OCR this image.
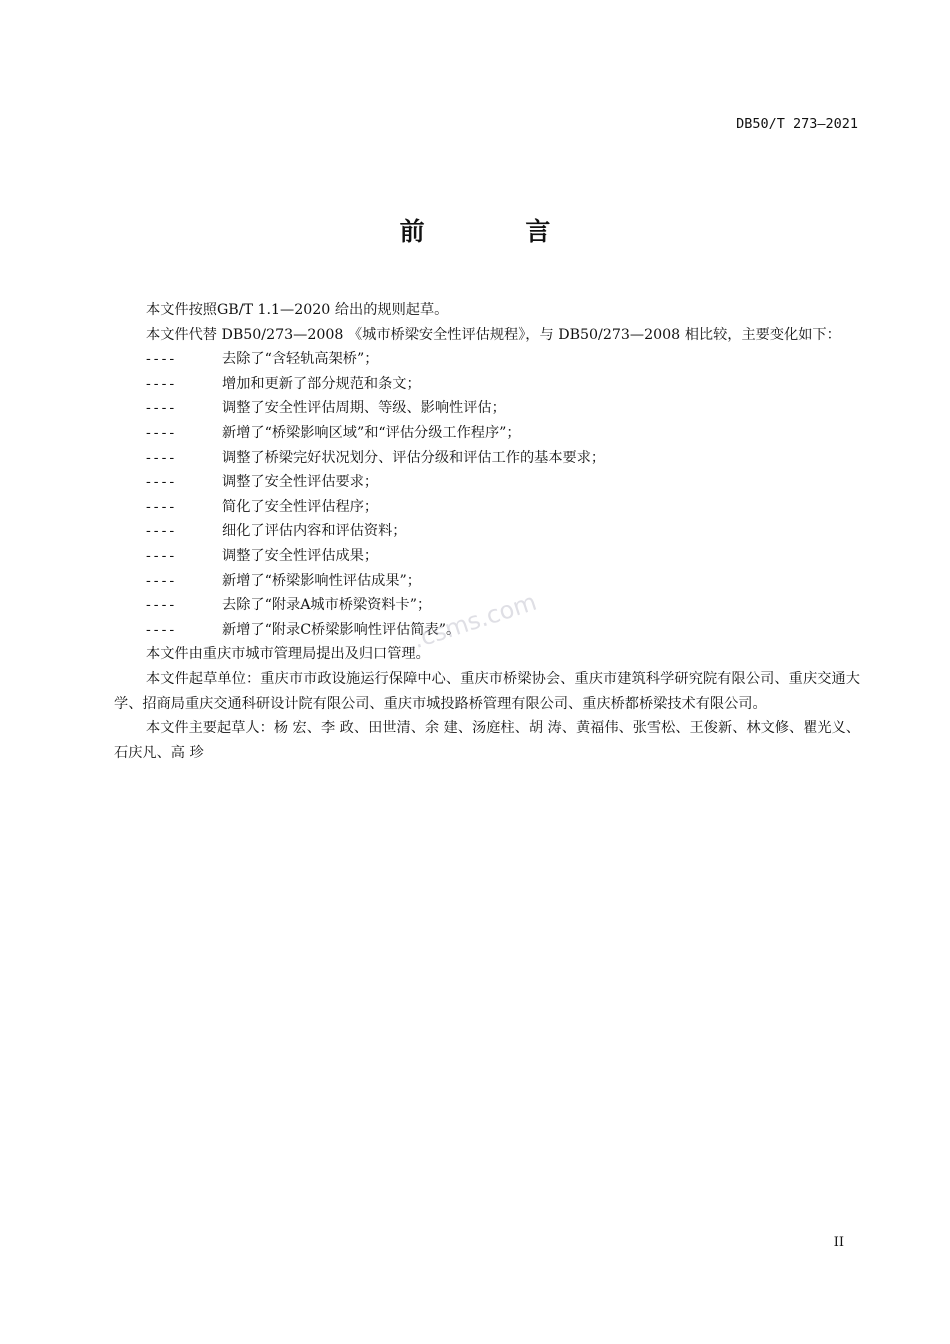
DB50/T 273—2021
前 言

本文件按照GB/T 1.1—2020 给出的规则起草。

本文件代替 DB50/273—2008 《城市桥梁安全性评估规程》，与 DB50/273—2008 相比较，主要变化如下：

----	去除了“含轻轨高架桥”；

----	增加和更新了部分规范和条文；

----	调整了安全性评估周期、等级、影响性评估；

----	新增了“桥梁影响区域”和“评估分级工作程序”；

----	调整了桥梁完好状况划分、评估分级和评估工作的基本要求；

----	调整了安全性评估要求；

----	简化了安全性评估程序；

----	细化了评估内容和评估资料；

----	调整了安全性评估成果；

----	新增了“桥梁影响性评估成果”；

----	去除了“附录A城市桥梁资料卡”；

----	新增了“附录C桥梁影响性评估简表”。

本文件由重庆市城市管理局提出及归口管理。

本文件起草单位：重庆市市政设施运行保障中心、重庆市桥梁协会、重庆市建筑科学研究院有限公司、重庆交通大学、招商局重庆交通科研设计院有限公司、重庆市城投路桥管理有限公司、重庆桥都桥梁技术有限公司。

本文件主要起草人：杨 宏、李 政、田世清、余 建、汤庭柱、胡 涛、黄福伟、张雪松、王俊新、林文修、瞿光义、石庆凡、高 珍

...csms.com
II
